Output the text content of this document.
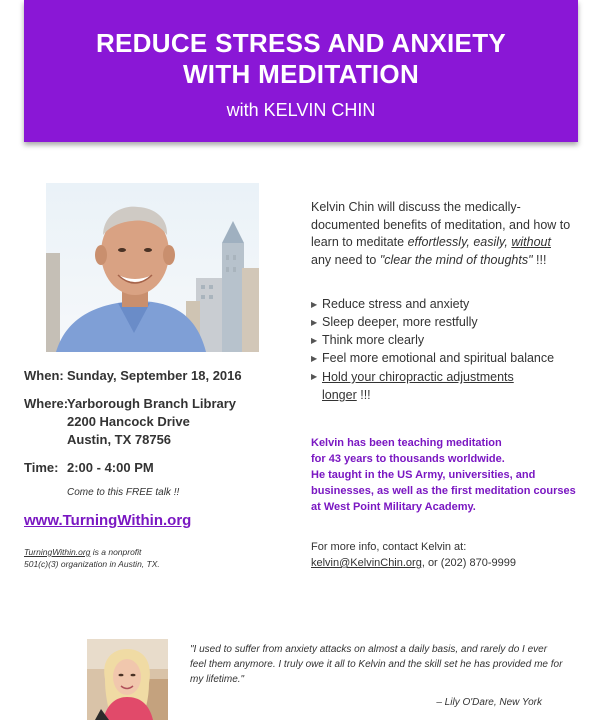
REDUCE STRESS AND ANXIETY
WITH MEDITATION
with KELVIN CHIN
When: Sunday, September 18, 2016
Where:
Yarborough Branch Library
2200 Hancock Drive
Austin, TX 78756
Time: 2:00 - 4:00 PM
Come to this FREE talk !!
www.TurningWithin.org
TurningWithin.org is a nonprofit
501(c)(3) organization in Austin, TX.
Kelvin Chin will discuss the medically-documented benefits of meditation, and how to learn to meditate effortlessly, easily, without any need to "clear the mind of thoughts" !!!
▶ Reduce stress and anxiety
▶ Sleep deeper, more restfully
▶ Think more clearly
▶ Feel more emotional and spiritual balance
▶ Hold your chiropractic adjustments longer !!!
Kelvin has been teaching meditation
for 43 years to thousands worldwide.
He taught in the US Army, universities, and
businesses, as well as the first meditation courses
at West Point Military Academy.
For more info, contact Kelvin at:
kelvin@KelvinChin.org, or (202) 870-9999
"I used to suffer from anxiety attacks on almost a daily basis, and rarely do I ever feel them anymore. I truly owe it all to Kelvin and the skill set he has provided me for my lifetime."
– Lily O'Dare, New York
